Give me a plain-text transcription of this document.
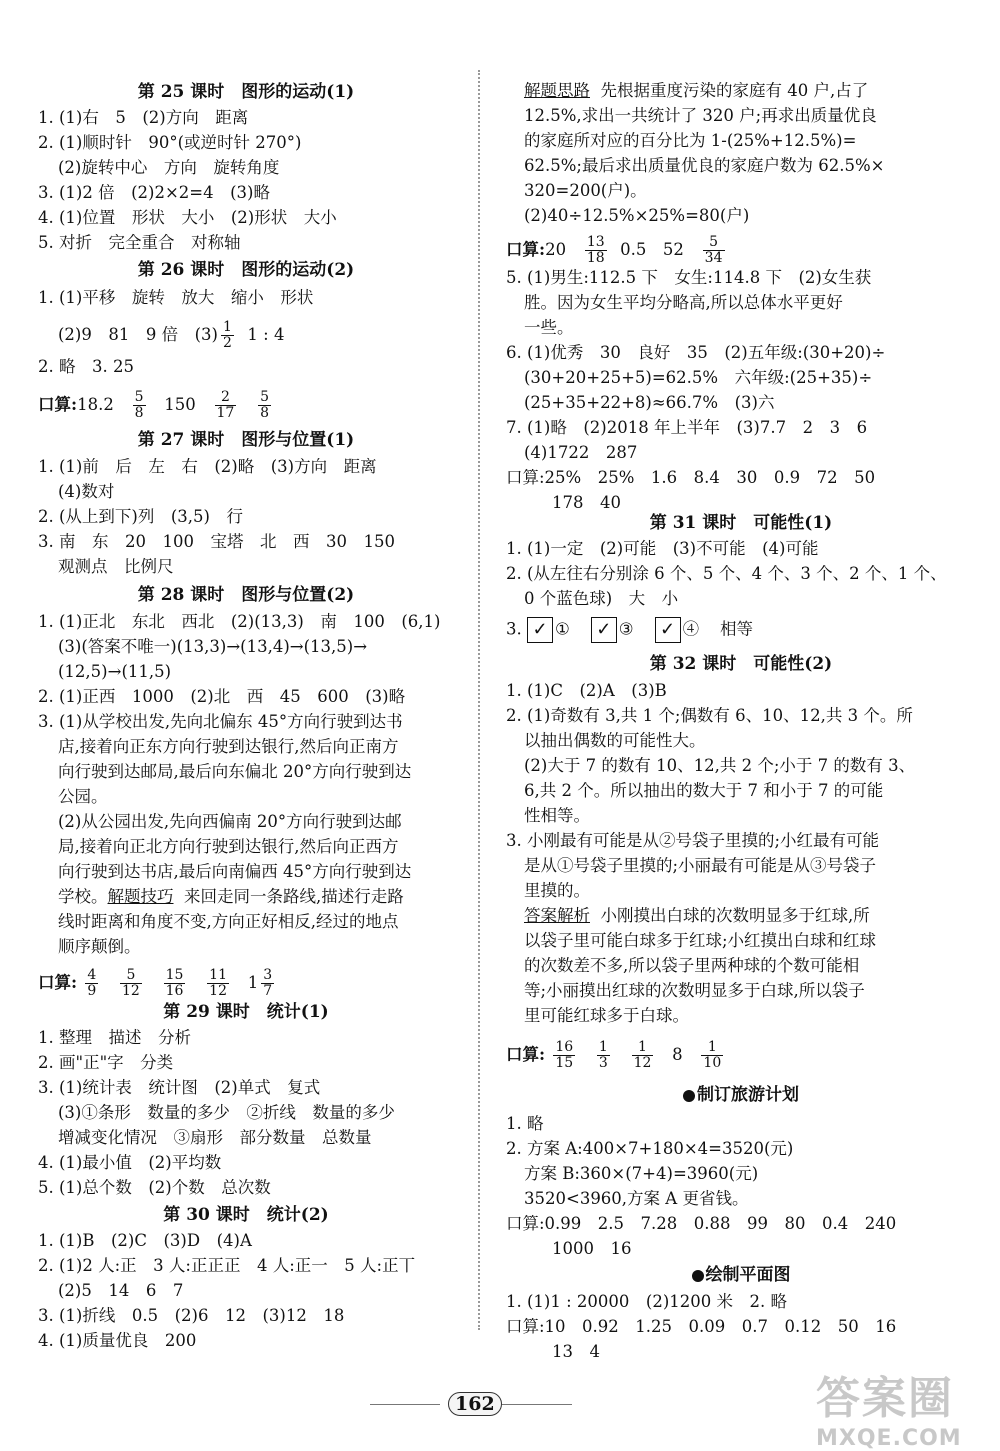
第 25 课时　图形的运动(1)
1. (1)右　5　(2)方向　距离
2. (1)顺时针　90°(或逆时针 270°)
(2)旋转中心　方向　旋转角度
3. (1)2 倍　(2)2×2=4　(3)略
4. (1)位置　形状　大小　(2)形状　大小
5. 对折　完全重合　对称轴
第 26 课时　图形的运动(2)
1. (1)平移　旋转　放大　缩小　形状
(2)9　81　9 倍　$(3) \frac{1}{2} 1$ : 4
2. 略　3. 25
口算:18.2 $\frac{5}{8} 150 \frac{2}{17}$
$\frac{5}{8}$
第 27 课时　图形与位置(1)
1. (1)前　后　左　右　(2)略　(3)方向　距离
(4)数对
2. (从上到下)列　(3,5)　行
3. 南　东　20　100　宝塔　北　西　30　150
观测点　比例尺
第 28 课时　图形与位置(2)
1. (1)正北　东北　西北　(2)(13,3)　南　100　(6,1)
(3)(答案不唯一)(13,3)→(13,4)→(13,5)→
(12,5)→(11,5)
2. (1)正西　1000　(2)北　西　45　600　(3)略
3. (1)从学校出发,先向北偏东 45°方向行驶到达书
店,接着向正东方向行驶到达银行,然后向正南方
向行驶到达邮局,最后向东偏北 20°方向行驶到达
公园。
(2)从公园出发,先向西偏南 20°方向行驶到达邮
局,接着向正北方向行驶到达银行,然后向正西方
向行驶到达书店,最后向南偏西 45°方向行驶到达
学校。解题技巧 来回走同一条路线,描述行走路
线时距离和角度不变,方向正好相反,经过的地点
顺序颠倒。
口算: $\frac{4}{9}$
$\frac{5}{12}$
$\frac{15}{16}$
$\frac{11}{12} 1 \frac{3}{7}$
第 29 课时　统计(1)
1. 整理　描述　分析
2. 画"正"字　分类
3. (1)统计表　统计图　(2)单式　复式
(3)①条形　数量的多少　②折线　数量的多少
增减变化情况　③扇形　部分数量　总数量
4. (1)最小值　(2)平均数
5. (1)总个数　(2)个数　总次数
第 30 课时　统计(2)
1. (1)B　(2)C　(3)D　(4)A
2. (1)2 人:正　3 人:正正正　4 人:正一　5 人:正丅
(2)5　14　6　7
3. (1)折线　0.5　(2)6　12　(3)12　18
4. (1)质量优良　200
解题思路 先根据重度污染的家庭有 40 户,占了
12.5%,求出一共统计了 320 户;再求出质量优良
的家庭所对应的百分比为 1-(25%+12.5%)=
62.5%;最后求出质量优良的家庭户数为 62.5%×
320=200(户)。
(2)40÷12.5%×25%=80(户)
口算:20 $\frac{13}{18} 0.5$　$52 \frac{5}{34}$
5. (1)男生:112.5 下　女生:114.8 下　(2)女生获
胜。因为女生平均分略高,所以总体水平更好
一些。
6. (1)优秀　30　良好　35　(2)五年级:(30+20)÷
(30+20+25+5)=62.5%　六年级:(25+35)÷
(25+35+22+8)≈66.7%　(3)六
7. (1)略　(2)2018 年上半年　(3)7.7　2　3　6
(4)1722　287
口算:25%　25%　1.6　8.4　30　0.9　72　50
178　40
第 31 课时　可能性(1)
1. (1)一定　(2)可能　(3)不可能　(4)可能
2. (从左往右分别涂 6 个、5 个、4 个、3 个、2 个、1 个、
0 个蓝色球)　大　小
3. ✓ ① ✓ ③ ✓ ④ 相等
第 32 课时　可能性(2)
1. (1)C　(2)A　(3)B
2. (1)奇数有 3,共 1 个;偶数有 6、10、12,共 3 个。所
以抽出偶数的可能性大。
(2)大于 7 的数有 10、12,共 2 个;小于 7 的数有 3、
6,共 2 个。所以抽出的数大于 7 和小于 7 的可能
性相等。
3. 小刚最有可能是从②号袋子里摸的;小红最有可能
是从①号袋子里摸的;小丽最有可能是从③号袋子
里摸的。
答案解析 小刚摸出白球的次数明显多于红球,所
以袋子里可能白球多于红球;小红摸出白球和红球
的次数差不多,所以袋子里两种球的个数可能相
等;小丽摸出红球的次数明显多于白球,所以袋子
里可能红球多于白球。
口算: $\frac{16}{15}$
$\frac{1}{3}$
$\frac{1}{12} 8 \frac{1}{10}$
制订旅游计划
1. 略
2. 方案 A:400×7+180×4=3520(元)
方案 B:360×(7+4)=3960(元)
3520<3960,方案 A 更省钱。
口算:0.99　2.5　7.28　0.88　99　80　0.4　240
1000　16
绘制平面图
1. (1)1 : 20000　(2)1200 米　2. 略
口算:10　0.92　1.25　0.09　0.7　0.12　50　16
13　4
162	答案圈
MXQE.COM
